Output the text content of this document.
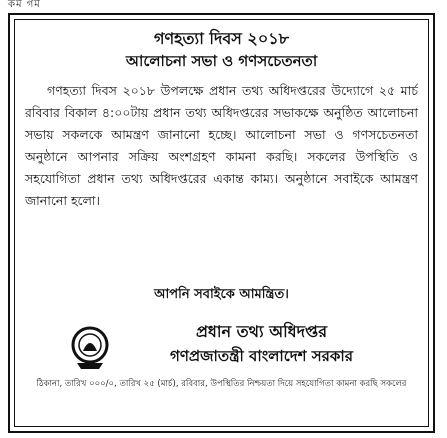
কর্ম গর্ম
গণহত্যা দিবস ২০১৮
আলোচনা সভা ও গণসচেতনতা
গণহত্যা দিবস ২০১৮ উপলক্ষে প্রধান তথ্য অধিদপ্তরের উদ্যোগে ২৫ মার্চ রবিবার বিকাল ৪:০০টায় প্রধান তথ্য অধিদপ্তরের সভাকক্ষে অনুষ্ঠিত আলোচনা সভায় সকলকে আমন্ত্রণ জানানো হচ্ছে। আলোচনা সভা ও গণসচেতনতা অনুষ্ঠানে আপনার সক্রিয় অংশগ্রহণ কামনা করছি। সকলের উপস্থিতি ও সহযোগিতা প্রধান তথ্য অধিদপ্তরের একান্ত কাম্য। অনুষ্ঠানে সবাইকে আমন্ত্রণ জানানো হলো।
আপনি সবাইকে আমন্ত্রিত।
প্রধান তথ্য অধিদপ্তর
গণপ্রজাতন্ত্রী বাংলাদেশ সরকার
ঠিকানা, তারিখ ০০০/০, তারিখ ২৫ (মার্চ), রবিবার, উপস্থিতির নিশ্চয়তা দিয়ে সহযোগিতা কামনা করছি সকলের
